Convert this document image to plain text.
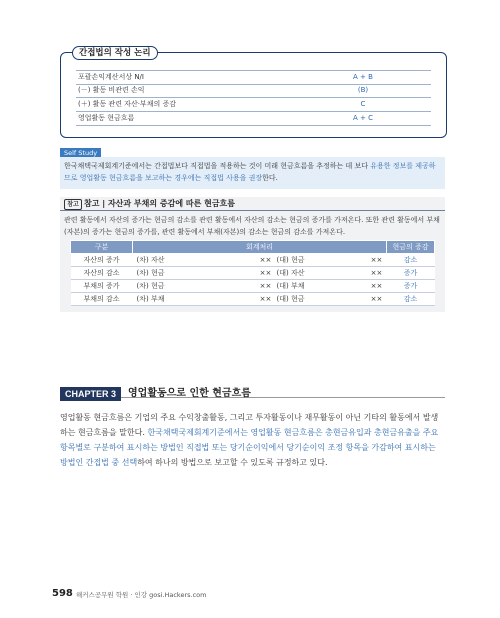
간접법의 작성 논리
포괄손익계산서상 N/I	A + B
(－) 활동 비관련 손익	(B)
(＋) 활동 관련 자산·부채의 증감	C
영업활동 현금흐름	A + C
Self Study
한국채택국제회계기준에서는 간접법보다 직접법을 적용하는 것이 미래 현금흐름을 추정하는 데 보다 유용한 정보를 제공하므로 영업활동 현금흐름을 보고하는 경우에는 직접법 사용을 권장한다.
참고 참고 | 자산과 부채의 증감에 따른 현금흐름
관련 활동에서 자산의 증가는 현금의 감소를 관련 활동에서 자산의 감소는 현금의 증가를 가져온다. 또한 관련 활동에서 부채(자본)의 증가는 현금의 증가를, 관련 활동에서 부채(자본)의 감소는 현금의 감소를 가져온다.
구분	회계처리						현금의 증감
자산의 증가	(차) 자산		××	(대) 현금		××	감소
자산의 감소	(차) 현금		××	(대) 자산		××	증가
부채의 증가	(차) 현금		××	(대) 부채		××	증가
부채의 감소	(차) 부채		××	(대) 현금		××	감소
CHAPTER 3	영업활동으로 인한 현금흐름
영업활동 현금흐름은 기업의 주요 수익창출활동, 그리고 투자활동이나 재무활동이 아닌 기타의 활동에서 발생하는 현금흐름을 말한다. 한국채택국제회계기준에서는 영업활동 현금흐름은 총현금유입과 총현금유출을 주요 항목별로 구분하여 표시하는 방법인 직접법 또는 당기순이익에서 당기순이익 조정 항목을 가감하여 표시하는 방법인 간접법 중 선택하여 하나의 방법으로 보고할 수 있도록 규정하고 있다.
598 해커스공무원 학원 · 인강 gosi.Hackers.com
